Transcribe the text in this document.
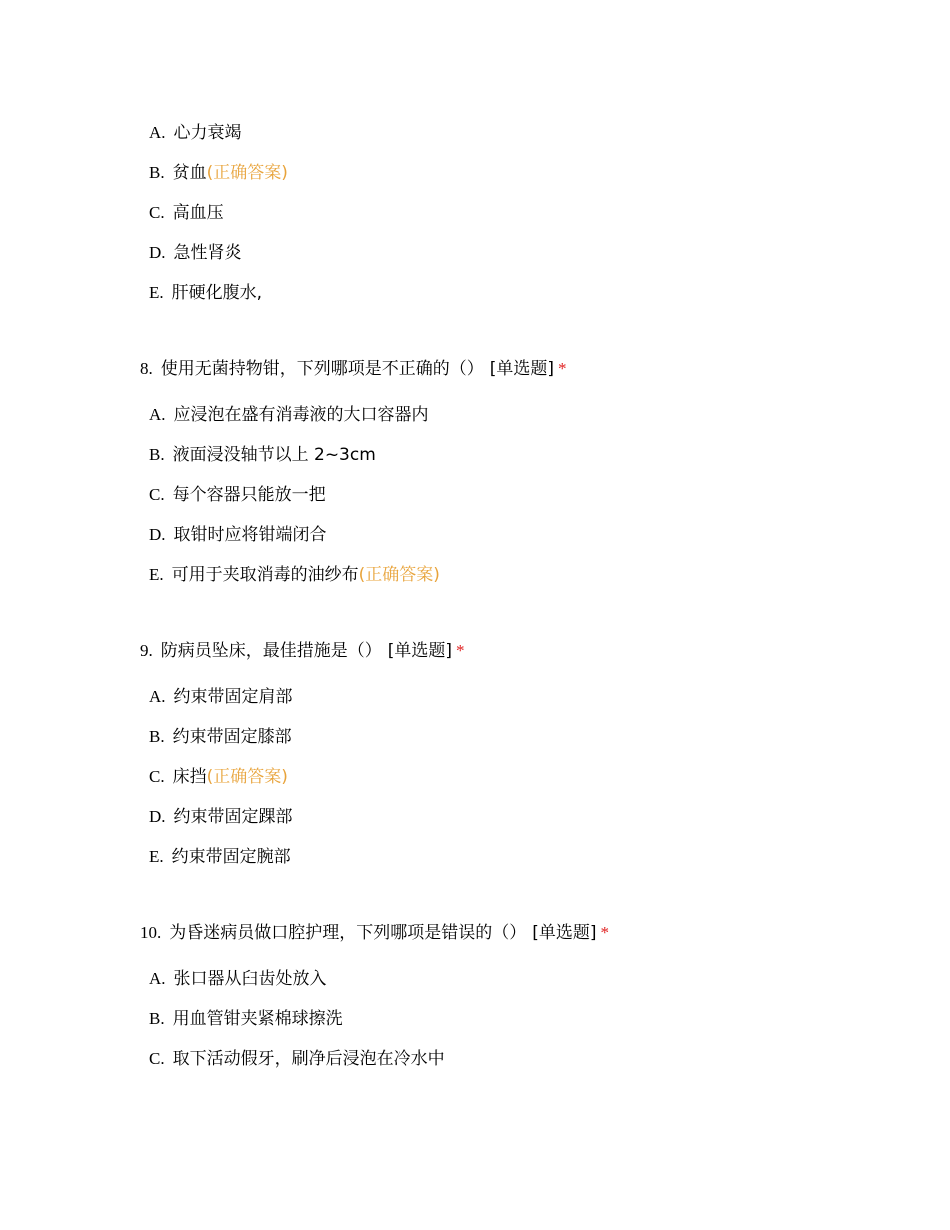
A. 心力衰竭
B. 贫血(正确答案)
C. 高血压
D. 急性肾炎
E. 肝硬化腹水,
8. 使用无菌持物钳，下列哪项是不正确的（） [单选题] *
A. 应浸泡在盛有消毒液的大口容器内
B. 液面浸没轴节以上 2~3cm
C. 每个容器只能放一把
D. 取钳时应将钳端闭合
E. 可用于夹取消毒的油纱布(正确答案)
9. 防病员坠床，最佳措施是（） [单选题] *
A. 约束带固定肩部
B. 约束带固定膝部
C. 床挡(正确答案)
D. 约束带固定踝部
E. 约束带固定腕部
10. 为昏迷病员做口腔护理，下列哪项是错误的（） [单选题] *
A. 张口器从臼齿处放入
B. 用血管钳夹紧棉球擦洗
C. 取下活动假牙，刷净后浸泡在冷水中
